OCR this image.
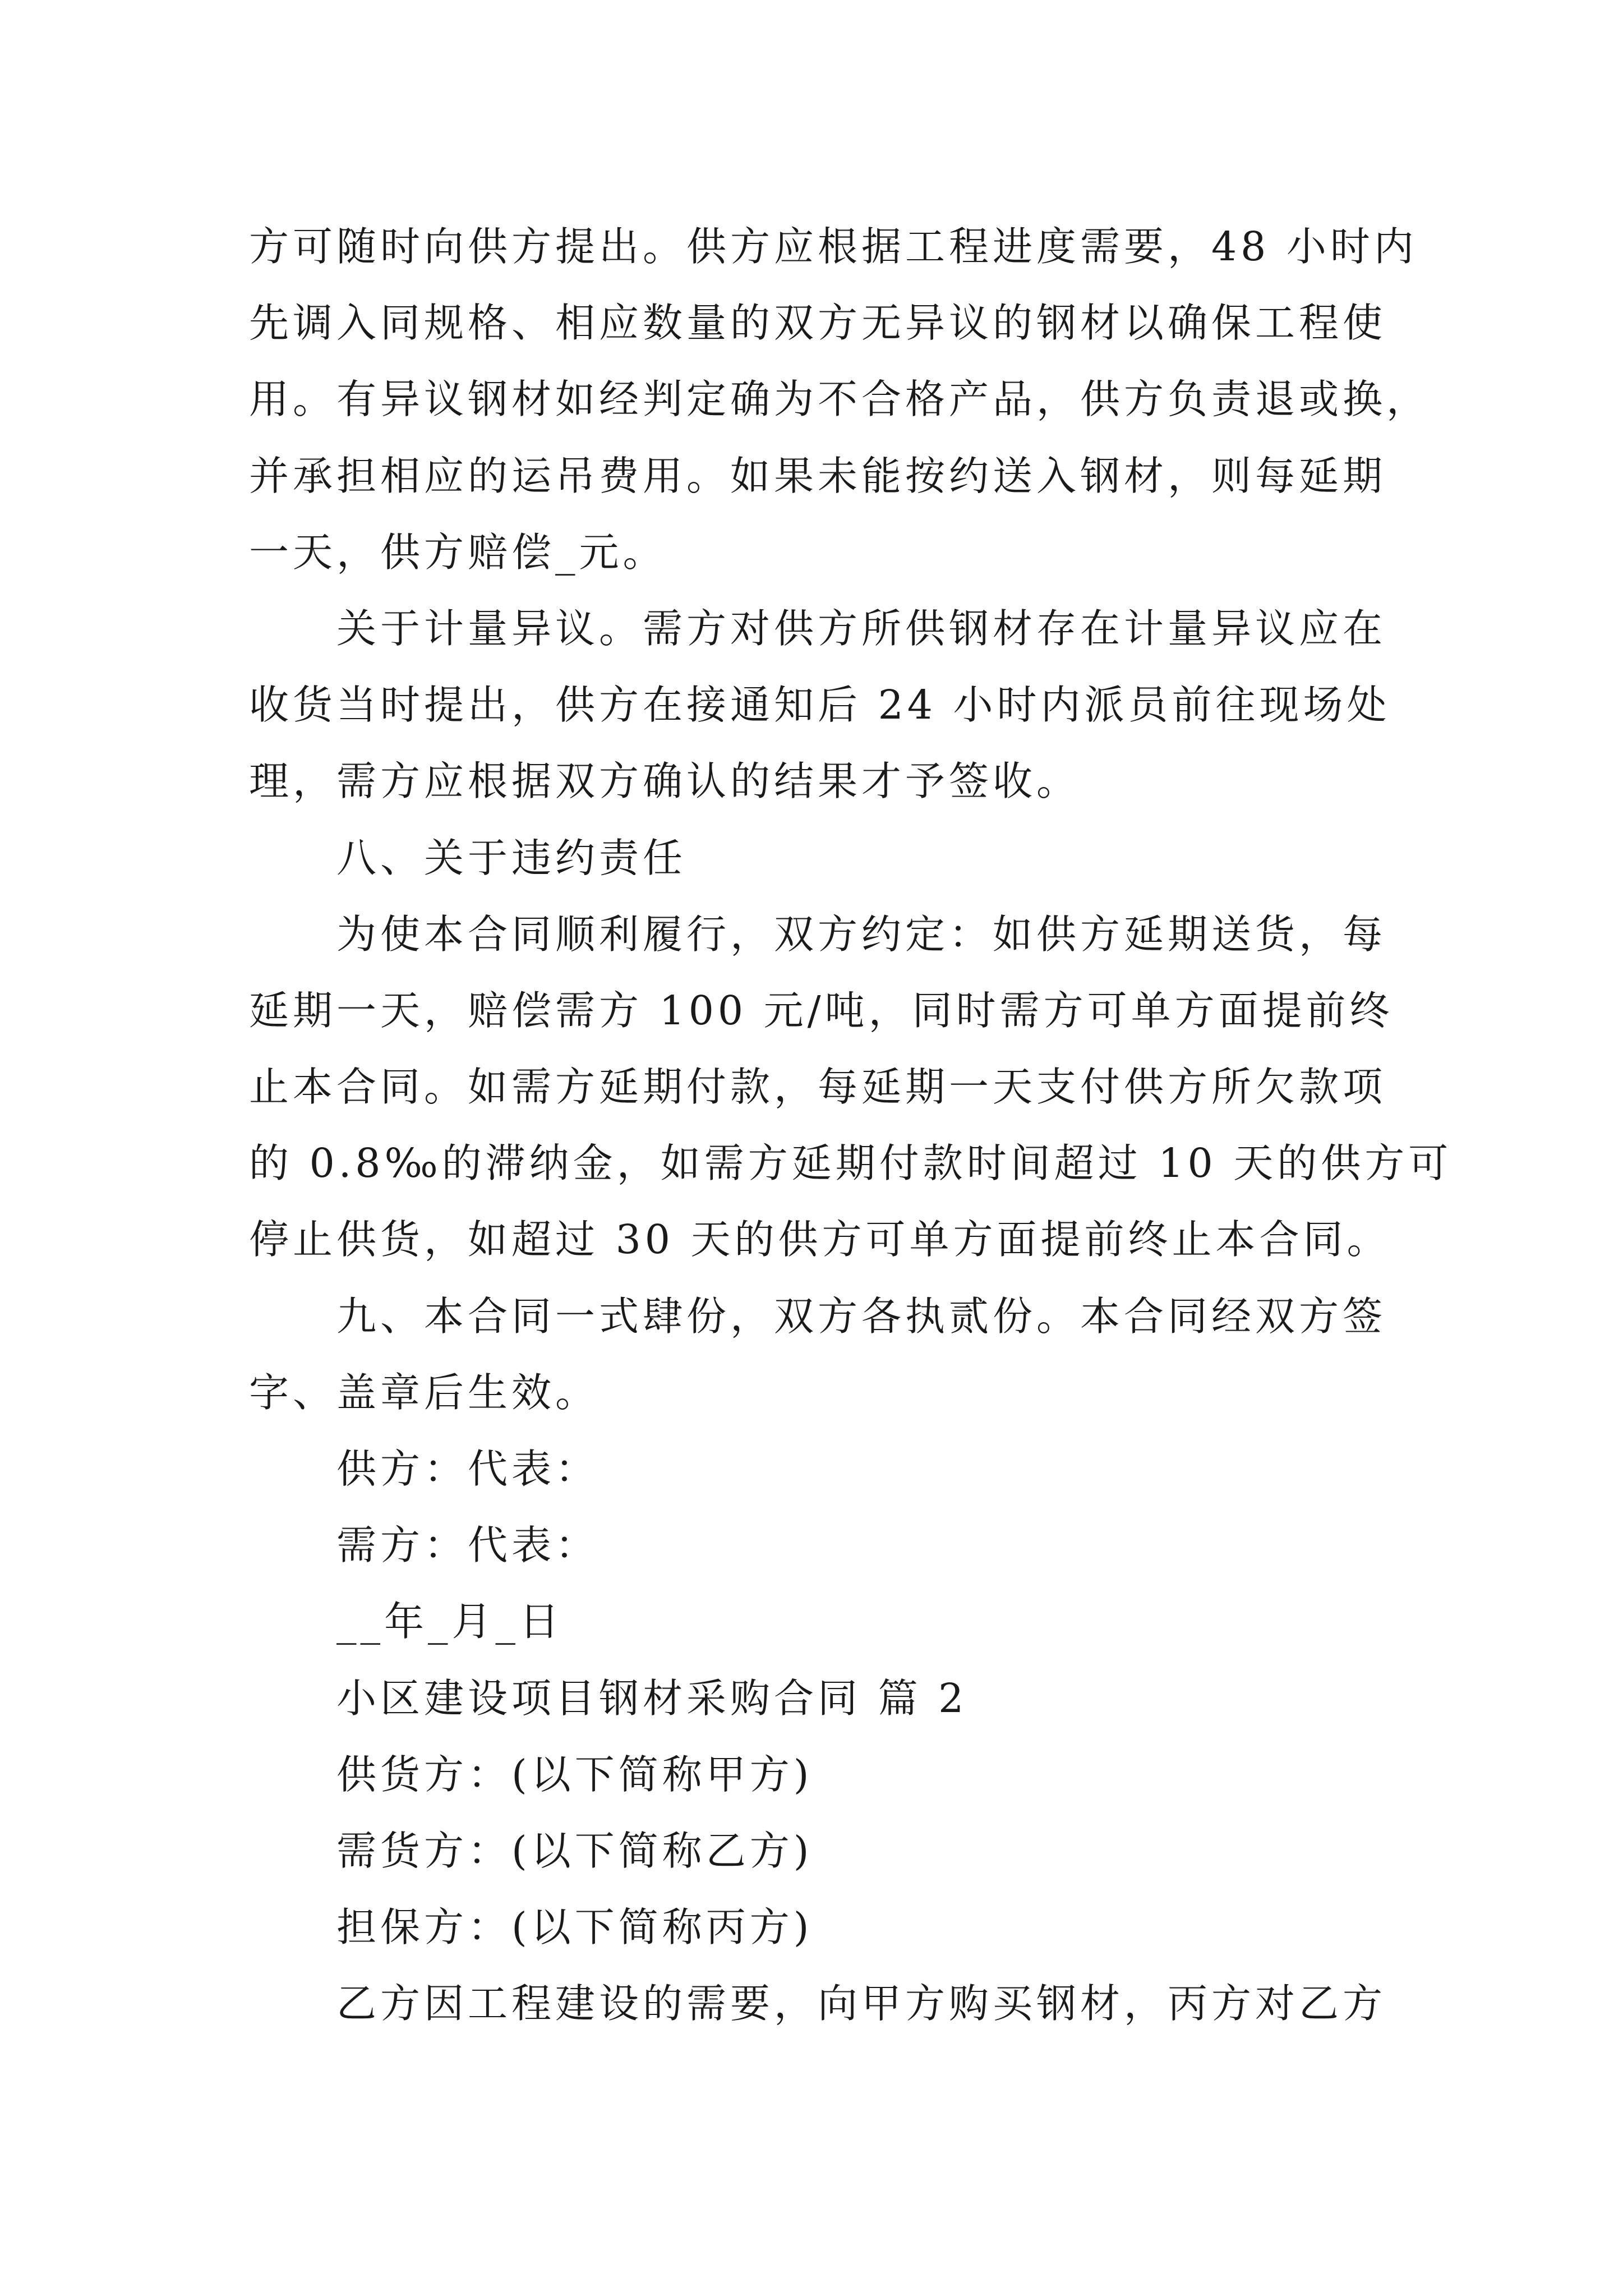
方可随时向供方提出。供方应根据工程进度需要，48 小时内
先调入同规格、相应数量的双方无异议的钢材以确保工程使
用。有异议钢材如经判定确为不合格产品，供方负责退或换，
并承担相应的运吊费用。如果未能按约送入钢材，则每延期
一天，供方赔偿_元。
关于计量异议。需方对供方所供钢材存在计量异议应在
收货当时提出，供方在接通知后 24 小时内派员前往现场处
理，需方应根据双方确认的结果才予签收。
八、关于违约责任
为使本合同顺利履行，双方约定：如供方延期送货，每
延期一天，赔偿需方 100 元/吨，同时需方可单方面提前终
止本合同。如需方延期付款，每延期一天支付供方所欠款项
的 0.8‰的滞纳金，如需方延期付款时间超过 10 天的供方可
停止供货，如超过 30 天的供方可单方面提前终止本合同。
九、本合同一式肆份，双方各执贰份。本合同经双方签
字、盖章后生效。
供方：代表：
需方：代表：
__年_月_日
小区建设项目钢材采购合同 篇 2
供货方：(以下简称甲方)
需货方：(以下简称乙方)
担保方：(以下简称丙方)
乙方因工程建设的需要，向甲方购买钢材，丙方对乙方
